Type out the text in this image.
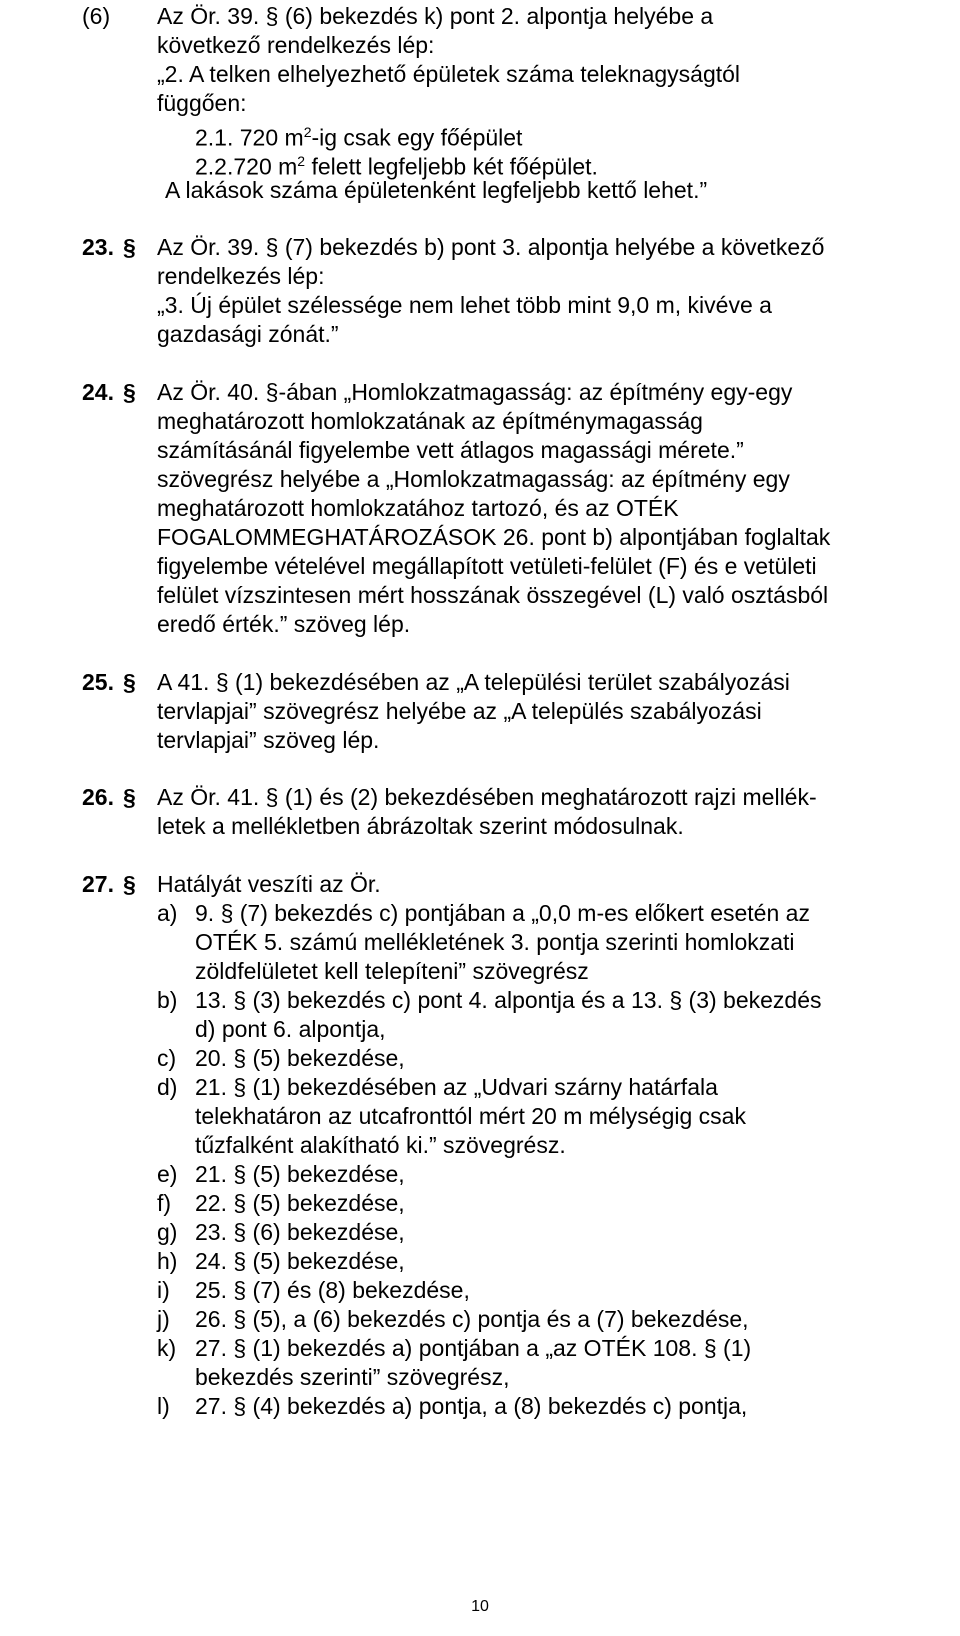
(6) Az Ör. 39. § (6) bekezdés k) pont 2. alpontja helyébe a
következő rendelkezés lép:
„2. A telken elhelyezhető épületek száma teleknagyságtól
függően:
2.1. 720 $m^2-ig$ csak egy főépület
2.2.720 $m^2$ felett legfeljebb két főépület.
A lakások száma épületenként legfeljebb kettő lehet.”
23. § Az Ör. 39. § (7) bekezdés b) pont 3. alpontja helyébe a következő
rendelkezés lép:
„3. Új épület szélessége nem lehet több mint 9,0 m, kivéve a
gazdasági zónát.”
24. § Az Ör. 40. §-ában „Homlokzatmagasság: az építmény egy-egy
meghatározott homlokzatának az építménymagasság
számításánál figyelembe vett átlagos magassági mérete.”
szövegrész helyébe a „Homlokzatmagasság: az építmény egy
meghatározott homlokzatához tartozó, és az OTÉK
FOGALOMMEGHATÁROZÁSOK 26. pont b) alpontjában foglaltak
figyelembe vételével megállapított vetületi-felület (F) és e vetületi
felület vízszintesen mért hosszának összegével (L) való osztásból
eredő érték.” szöveg lép.
25. § A 41. § (1) bekezdésében az „A települési terület szabályozási
tervlapjai” szövegrész helyébe az „A település szabályozási
tervlapjai” szöveg lép.
26. § Az Ör. 41. § (1) és (2) bekezdésében meghatározott rajzi mellék-
letek a mellékletben ábrázoltak szerint módosulnak.
27. § Hatályát veszíti az Ör.
a) 9. § (7) bekezdés c) pontjában a „0,0 m-es előkert esetén az
OTÉK 5. számú mellékletének 3. pontja szerinti homlokzati
zöldfelületet kell telepíteni” szövegrész
b) 13. § (3) bekezdés c) pont 4. alpontja és a 13. § (3) bekezdés
d) pont 6. alpontja,
c) 20. § (5) bekezdése,
d) 21. § (1) bekezdésében az „Udvari szárny határfala
telekhatáron az utcafronttól mért 20 m mélységig csak
tűzfalként alakítható ki.” szövegrész.
e) 21. § (5) bekezdése,
f) 22. § (5) bekezdése,
g) 23. § (6) bekezdése,
h) 24. § (5) bekezdése,
i) 25. § (7) és (8) bekezdése,
j) 26. § (5), a (6) bekezdés c) pontja és a (7) bekezdése,
k) 27. § (1) bekezdés a) pontjában a „az OTÉK 108. § (1)
bekezdés szerinti” szövegrész,
l) 27. § (4) bekezdés a) pontja, a (8) bekezdés c) pontja,
10
